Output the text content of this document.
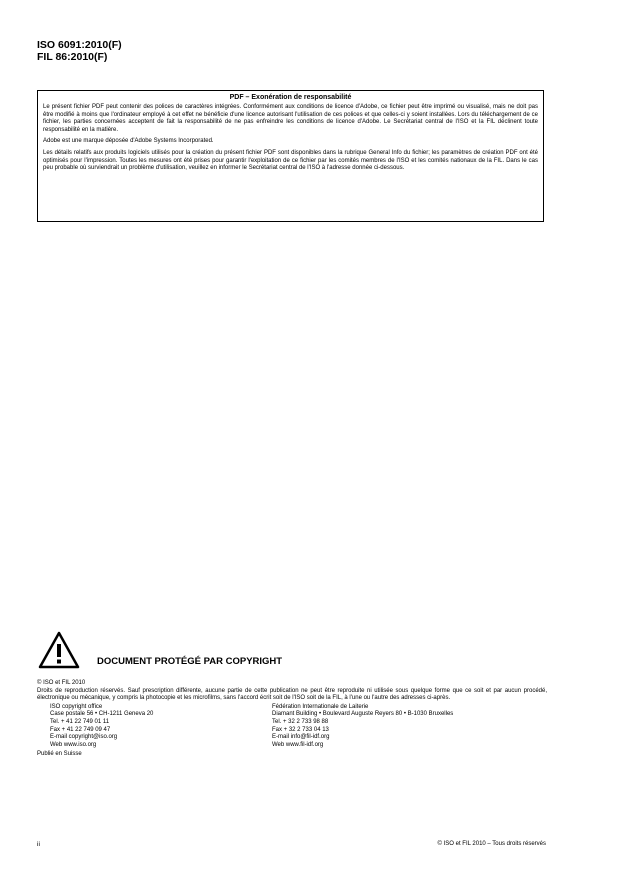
ISO 6091:2010(F)
FIL 86:2010(F)
PDF – Exonération de responsabilité

Le présent fichier PDF peut contenir des polices de caractères intégrées. Conformément aux conditions de licence d'Adobe, ce fichier peut être imprimé ou visualisé, mais ne doit pas être modifié à moins que l'ordinateur employé à cet effet ne bénéficie d'une licence autorisant l'utilisation de ces polices et que celles-ci y soient installées. Lors du téléchargement de ce fichier, les parties concernées acceptent de fait la responsabilité de ne pas enfreindre les conditions de licence d'Adobe. Le Secrétariat central de l'ISO et la FIL déclinent toute responsabilité en la matière.

Adobe est une marque déposée d'Adobe Systems Incorporated.

Les détails relatifs aux produits logiciels utilisés pour la création du présent fichier PDF sont disponibles dans la rubrique General Info du fichier; les paramètres de création PDF ont été optimisés pour l'impression. Toutes les mesures ont été prises pour garantir l'exploitation de ce fichier par les comités membres de l'ISO et les comités nationaux de la FIL. Dans le cas peu probable où surviendrait un problème d'utilisation, veuillez en informer le Secrétariat central de l'ISO à l'adresse donnée ci-dessous.

DOCUMENT PROTÉGÉ PAR COPYRIGHT

© ISO et FIL 2010

Droits de reproduction réservés. Sauf prescription différente, aucune partie de cette publication ne peut être reproduite ni utilisée sous quelque forme que ce soit et par aucun procédé, électronique ou mécanique, y compris la photocopie et les microfilms, sans l'accord écrit soit de l'ISO soit de la FIL, à l'une ou l'autre des adresses ci-après.

ISO copyright office
Case postale 56 • CH-1211 Geneva 20
Tel. + 41 22 749 01 11
Fax + 41 22 749 09 47
E-mail copyright@iso.org
Web www.iso.org
Fédération Internationale de Laiterie
Diamant Building • Boulevard Auguste Reyers 80 • B-1030 Bruxelles
Tel. + 32 2 733 98 88
Fax + 32 2 733 04 13
E-mail info@fil-idf.org
Web www.fil-idf.org

Publié en Suisse

ii	© ISO et FIL 2010 – Tous droits réservés
